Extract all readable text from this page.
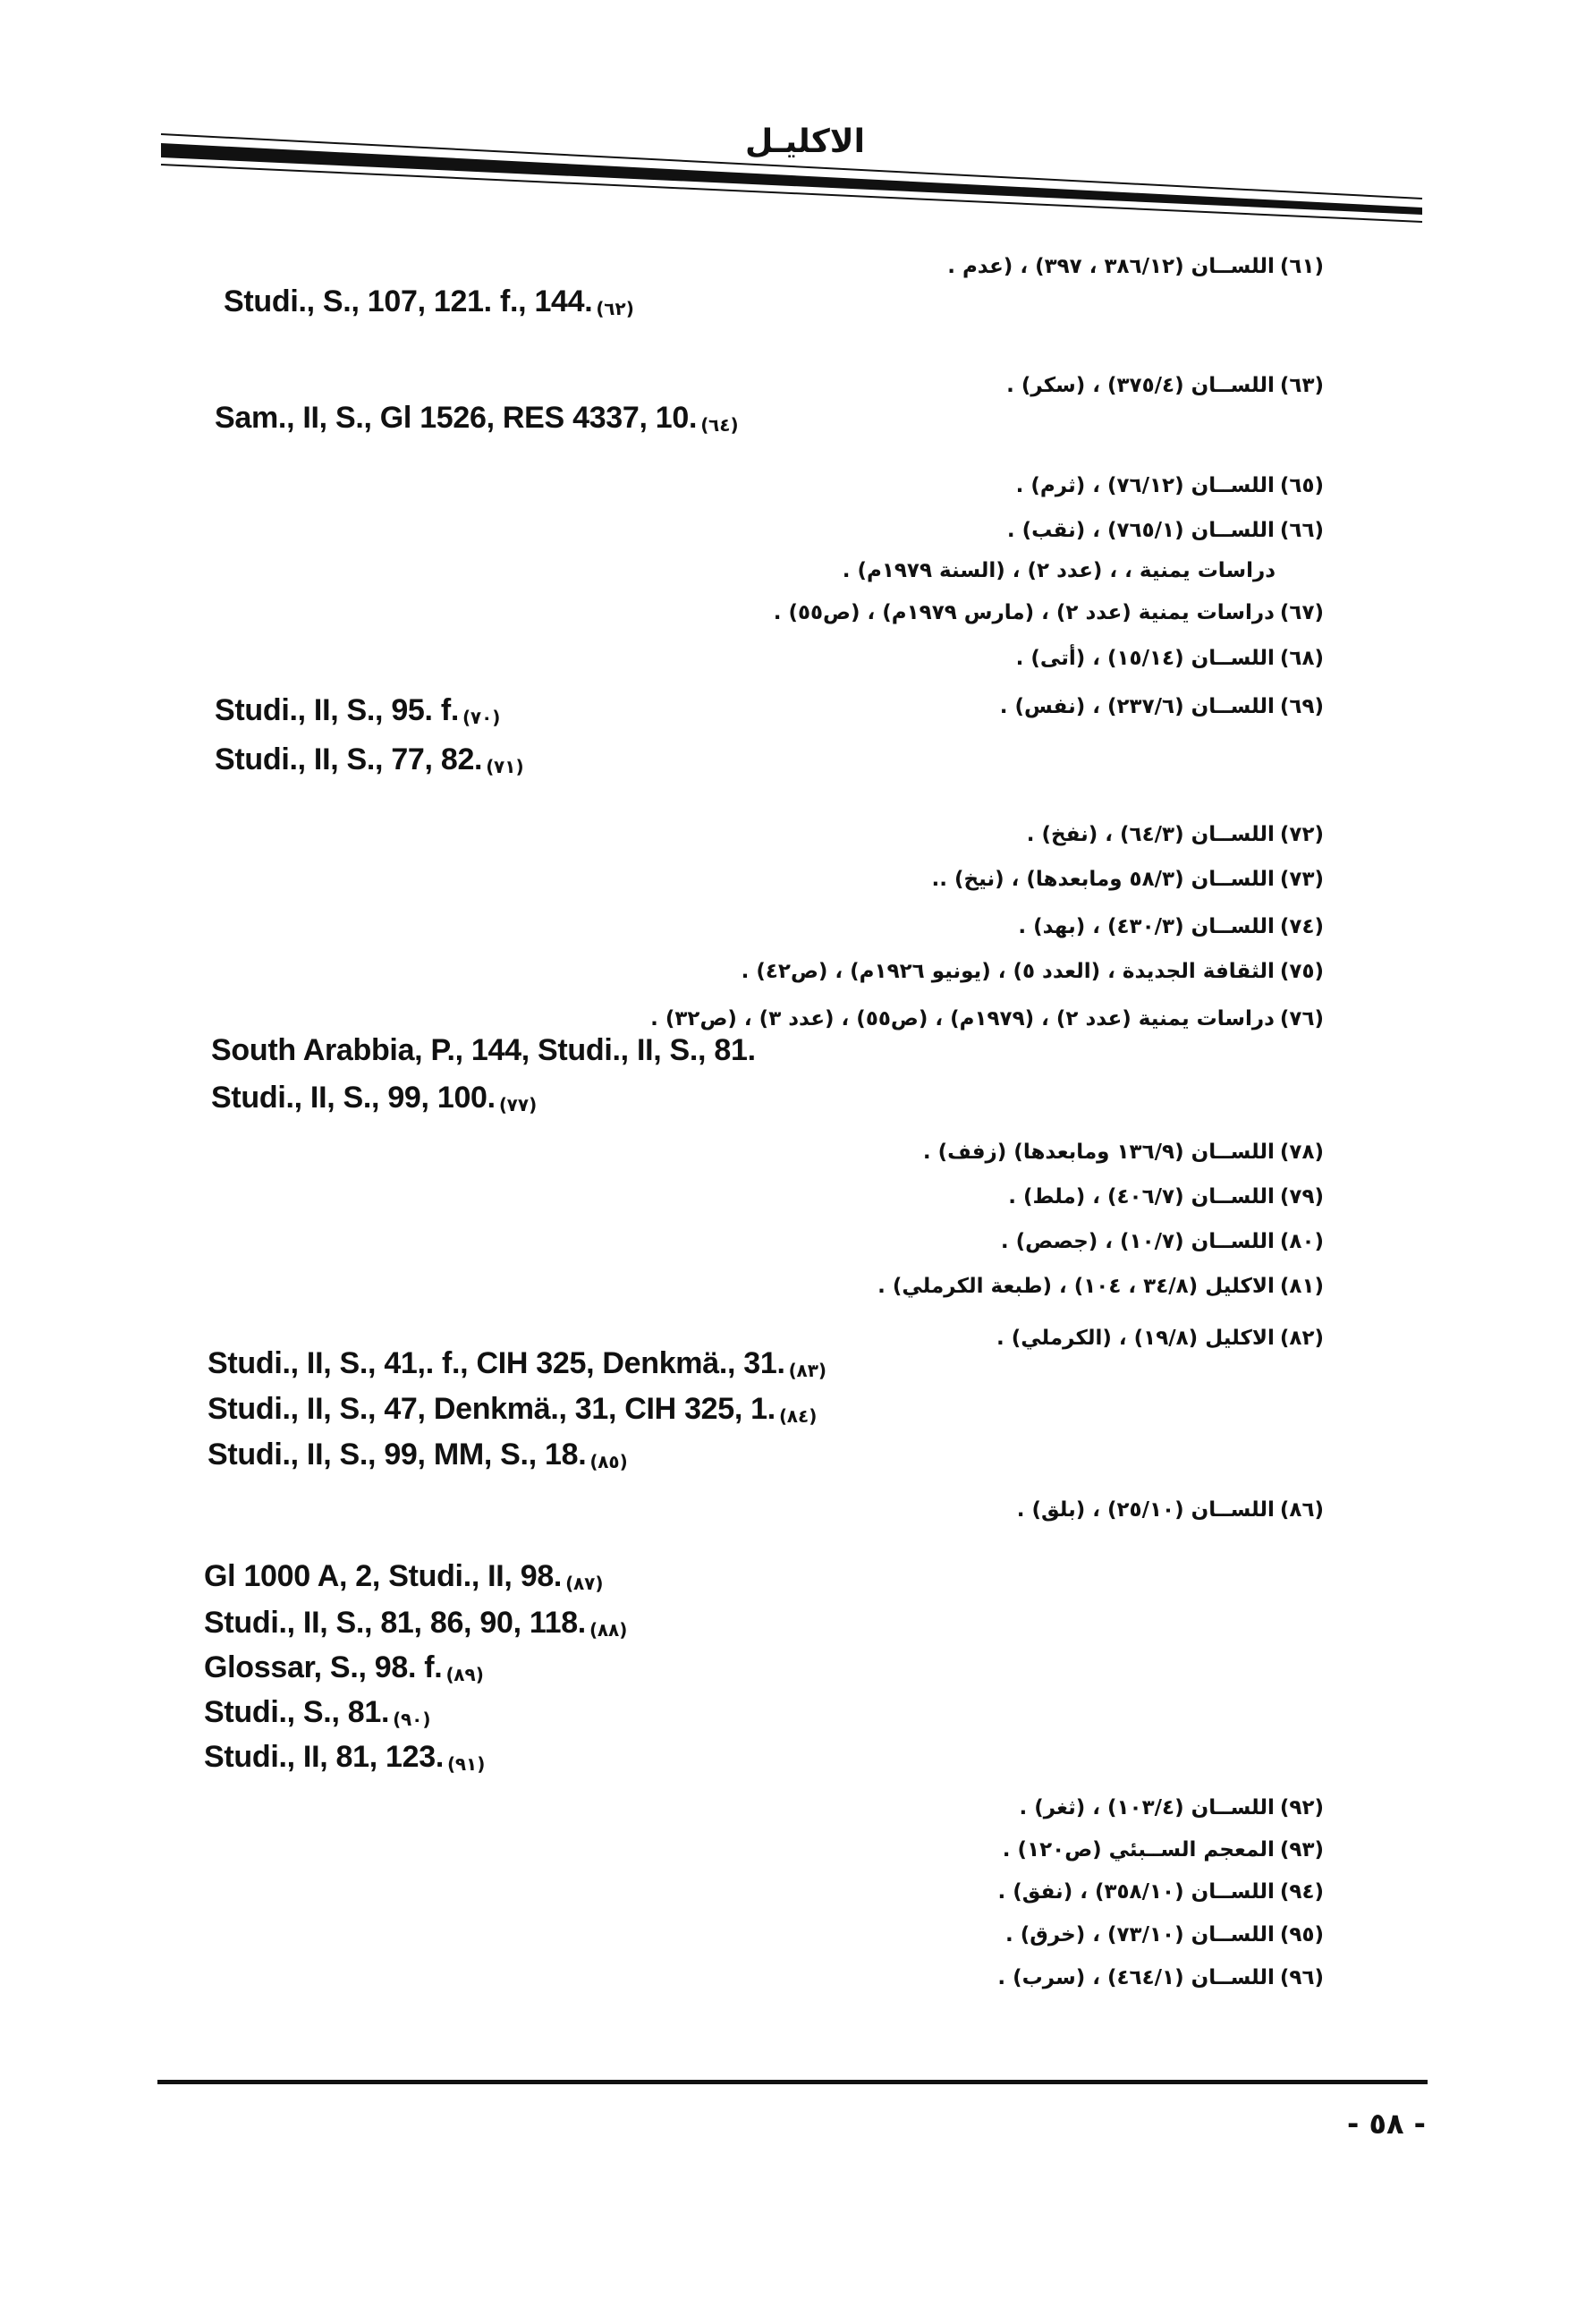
الاكليـل
(٦١)اللســان (٣٨٦/١٢ ، ٣٩٧) ، (عدم .
(٦٣)اللســان (٣٧٥/٤) ، (سكر) .
(٦٥)اللســان (٧٦/١٢) ، (ثرم) .
(٦٦)اللســان (٧٦٥/١) ، (نقب) .
دراسات يمنية ، ، (عدد ٢) ، (السنة ١٩٧٩م) .
(٦٧)دراسات يمنية (عدد ٢) ، (مارس ١٩٧٩م) ، (ص٥٥) .
(٦٨)اللســان (١٥/١٤) ، (أتى) .
(٦٩)اللســان (٢٣٧/٦) ، (نفس) .
(٧٢)اللســان (٦٤/٣) ، (نفخ) .
(٧٣)اللســان (٥٨/٣ ومابعدها) ، (نيخ) ..
(٧٤)اللســان (٤٣٠/٣) ، (بهد) .
(٧٥)الثقافة الجديدة ، (العدد ٥) ، (يونيو ١٩٢٦م) ، (ص٤٢) .
(٧٦)دراسات يمنية (عدد ٢) ، (١٩٧٩م) ، (ص٥٥) ، (عدد ٣) ، (ص٣٢) .
(٧٨)اللســان (١٣٦/٩ ومابعدها) (زفف) .
(٧٩)اللســان (٤٠٦/٧) ، (ملط) .
(٨٠)اللســان (١٠/٧) ، (جصص) .
(٨١)الاكليل (٣٤/٨ ، ١٠٤) ، (طبعة الكرملي) .
(٨٢)الاكليل (١٩/٨) ، (الكرملي) .
(٨٦)اللســان (٢٥/١٠) ، (بلق) .
(٩٢)اللســان (١٠٣/٤) ، (ثغر) .
(٩٣)المعجم الســبئي (ص١٢٠) .
(٩٤)اللســان (٣٥٨/١٠) ، (نفق) .
(٩٥)اللســان (٧٣/١٠) ، (خرق) .
(٩٦)اللســان (٤٦٤/١) ، (سرب) .
Studi., S., 107, 121. f., 144. (٦٢)
Sam., II, S., Gl 1526, RES 4337, 10. (٦٤)
Studi., II, S., 95. f. (٧٠)
Studi., II, S., 77, 82. (٧١)
South Arabbia, P., 144, Studi., II, S., 81.
Studi., II, S., 99, 100. (٧٧)
Studi., II, S., 41,. f., CIH 325, Denkmä., 31. (٨٣)
Studi., II, S., 47, Denkmä., 31, CIH 325, 1. (٨٤)
Studi., II, S., 99, MM, S., 18. (٨٥)
Gl 1000 A, 2, Studi., II, 98. (٨٧)
Studi., II, S., 81, 86, 90, 118. (٨٨)
Glossar, S., 98. f. (٨٩)
Studi., S., 81. (٩٠)
Studi., II, 81, 123. (٩١)
- ٥٨ -
